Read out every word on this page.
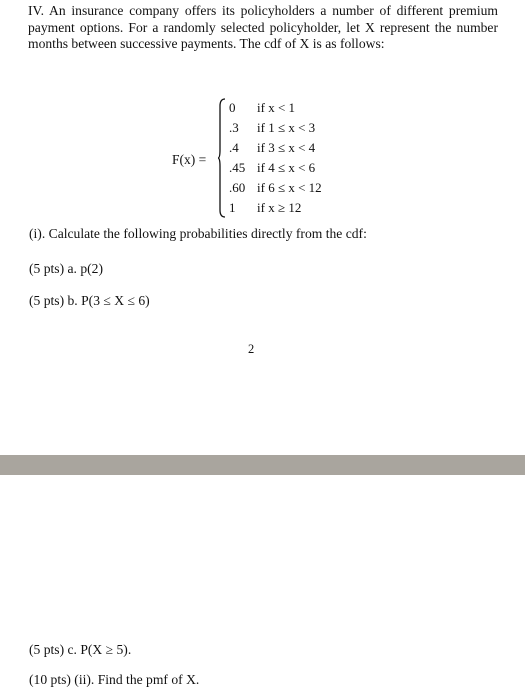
IV. An insurance company offers its policyholders a number of different premium payment options. For a randomly selected policyholder, let X represent the number months between successive payments. The cdf of X is as follows:

F(x) =
0 if x < 1
.3 if 1 ≤ x < 3
.4 if 3 ≤ x < 4
.45 if 4 ≤ x < 6
.60 if 6 ≤ x < 12
1 if x ≥ 12

(i). Calculate the following probabilities directly from the cdf:

(5 pts) a. p(2)

(5 pts) b. P(3 ≤ X ≤ 6)

2

(5 pts) c. P(X ≥ 5).

(10 pts) (ii). Find the pmf of X.
